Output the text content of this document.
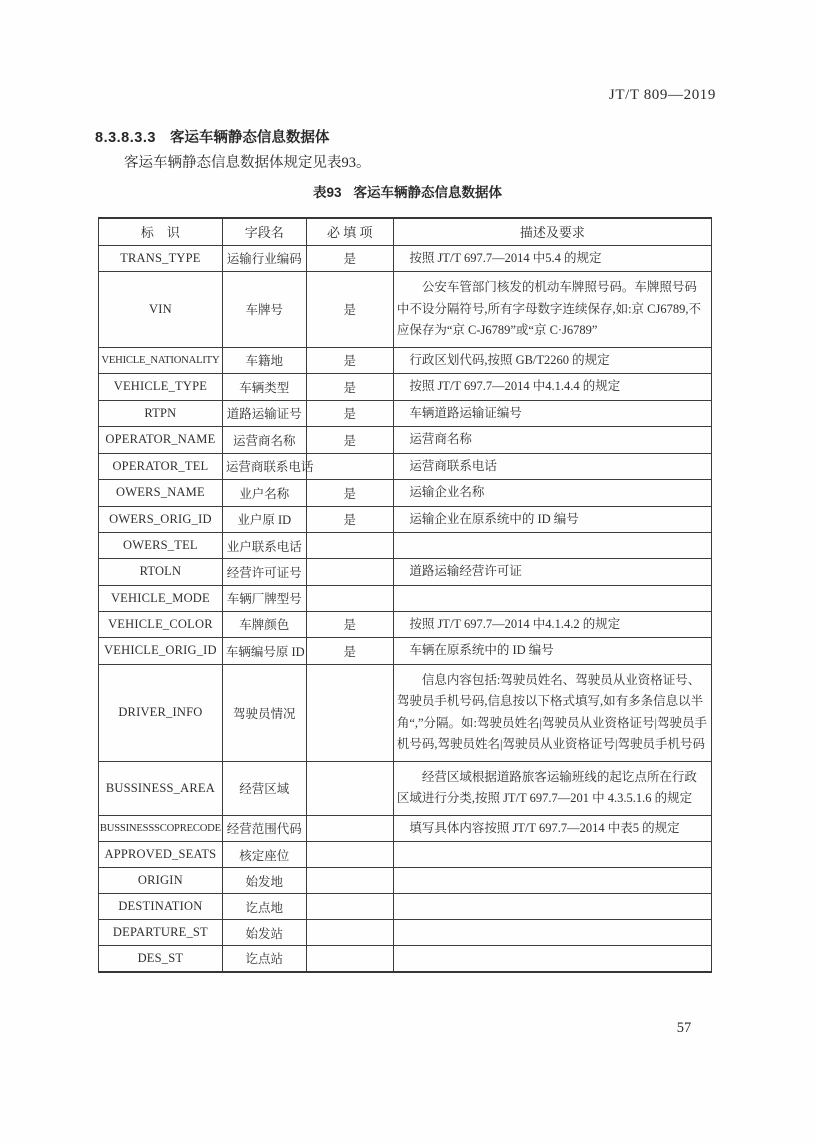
JT/T 809—2019
8.3.8.3.3 客运车辆静态信息数据体

客运车辆静态信息数据体规定见表93。

表93 客运车辆静态信息数据体
标    识	字段名	必 填 项	描述及要求
TRANS_TYPE	运输行业编码	是	按照 JT/T 697.7—2014 中5.4 的规定
VIN	车牌号	是	公安车管部门核发的机动车牌照号码。车牌照号码中不设分隔符号,所有字母数字连续保存,如:京 CJ6789,不应保存为“京 C-J6789”或“京 C·J6789”
VEHICLE_NATIONALITY	车籍地	是	行政区划代码,按照 GB/T2260 的规定
VEHICLE_TYPE	车辆类型	是	按照 JT/T 697.7—2014 中4.1.4.4 的规定
RTPN	道路运输证号	是	车辆道路运输证编号
OPERATOR_NAME	运营商名称	是	运营商名称
OPERATOR_TEL	运营商联系电话		运营商联系电话
OWERS_NAME	业户名称	是	运输企业名称
OWERS_ORIG_ID	业户原 ID	是	运输企业在原系统中的 ID 编号
OWERS_TEL	业户联系电话		
RTOLN	经营许可证号		道路运输经营许可证
VEHICLE_MODE	车辆厂牌型号		
VEHICLE_COLOR	车牌颜色	是	按照 JT/T 697.7—2014 中4.1.4.2 的规定
VEHICLE_ORIG_ID	车辆编号原 ID	是	车辆在原系统中的 ID 编号
DRIVER_INFO	驾驶员情况		信息内容包括:驾驶员姓名、驾驶员从业资格证号、驾驶员手机号码,信息按以下格式填写,如有多条信息以半角“,”分隔。如:驾驶员姓名|驾驶员从业资格证号|驾驶员手机号码,驾驶员姓名|驾驶员从业资格证号|驾驶员手机号码
BUSSINESS_AREA	经营区域		经营区域根据道路旅客运输班线的起讫点所在行政区域进行分类,按照 JT/T 697.7—201 中 4.3.5.1.6 的规定
BUSSINESSSCOPRECODE	经营范围代码		填写具体内容按照 JT/T 697.7—2014 中表5 的规定
APPROVED_SEATS	核定座位		
ORIGIN	始发地		
DESTINATION	讫点地		
DEPARTURE_ST	始发站		
DES_ST	讫点站		
57
